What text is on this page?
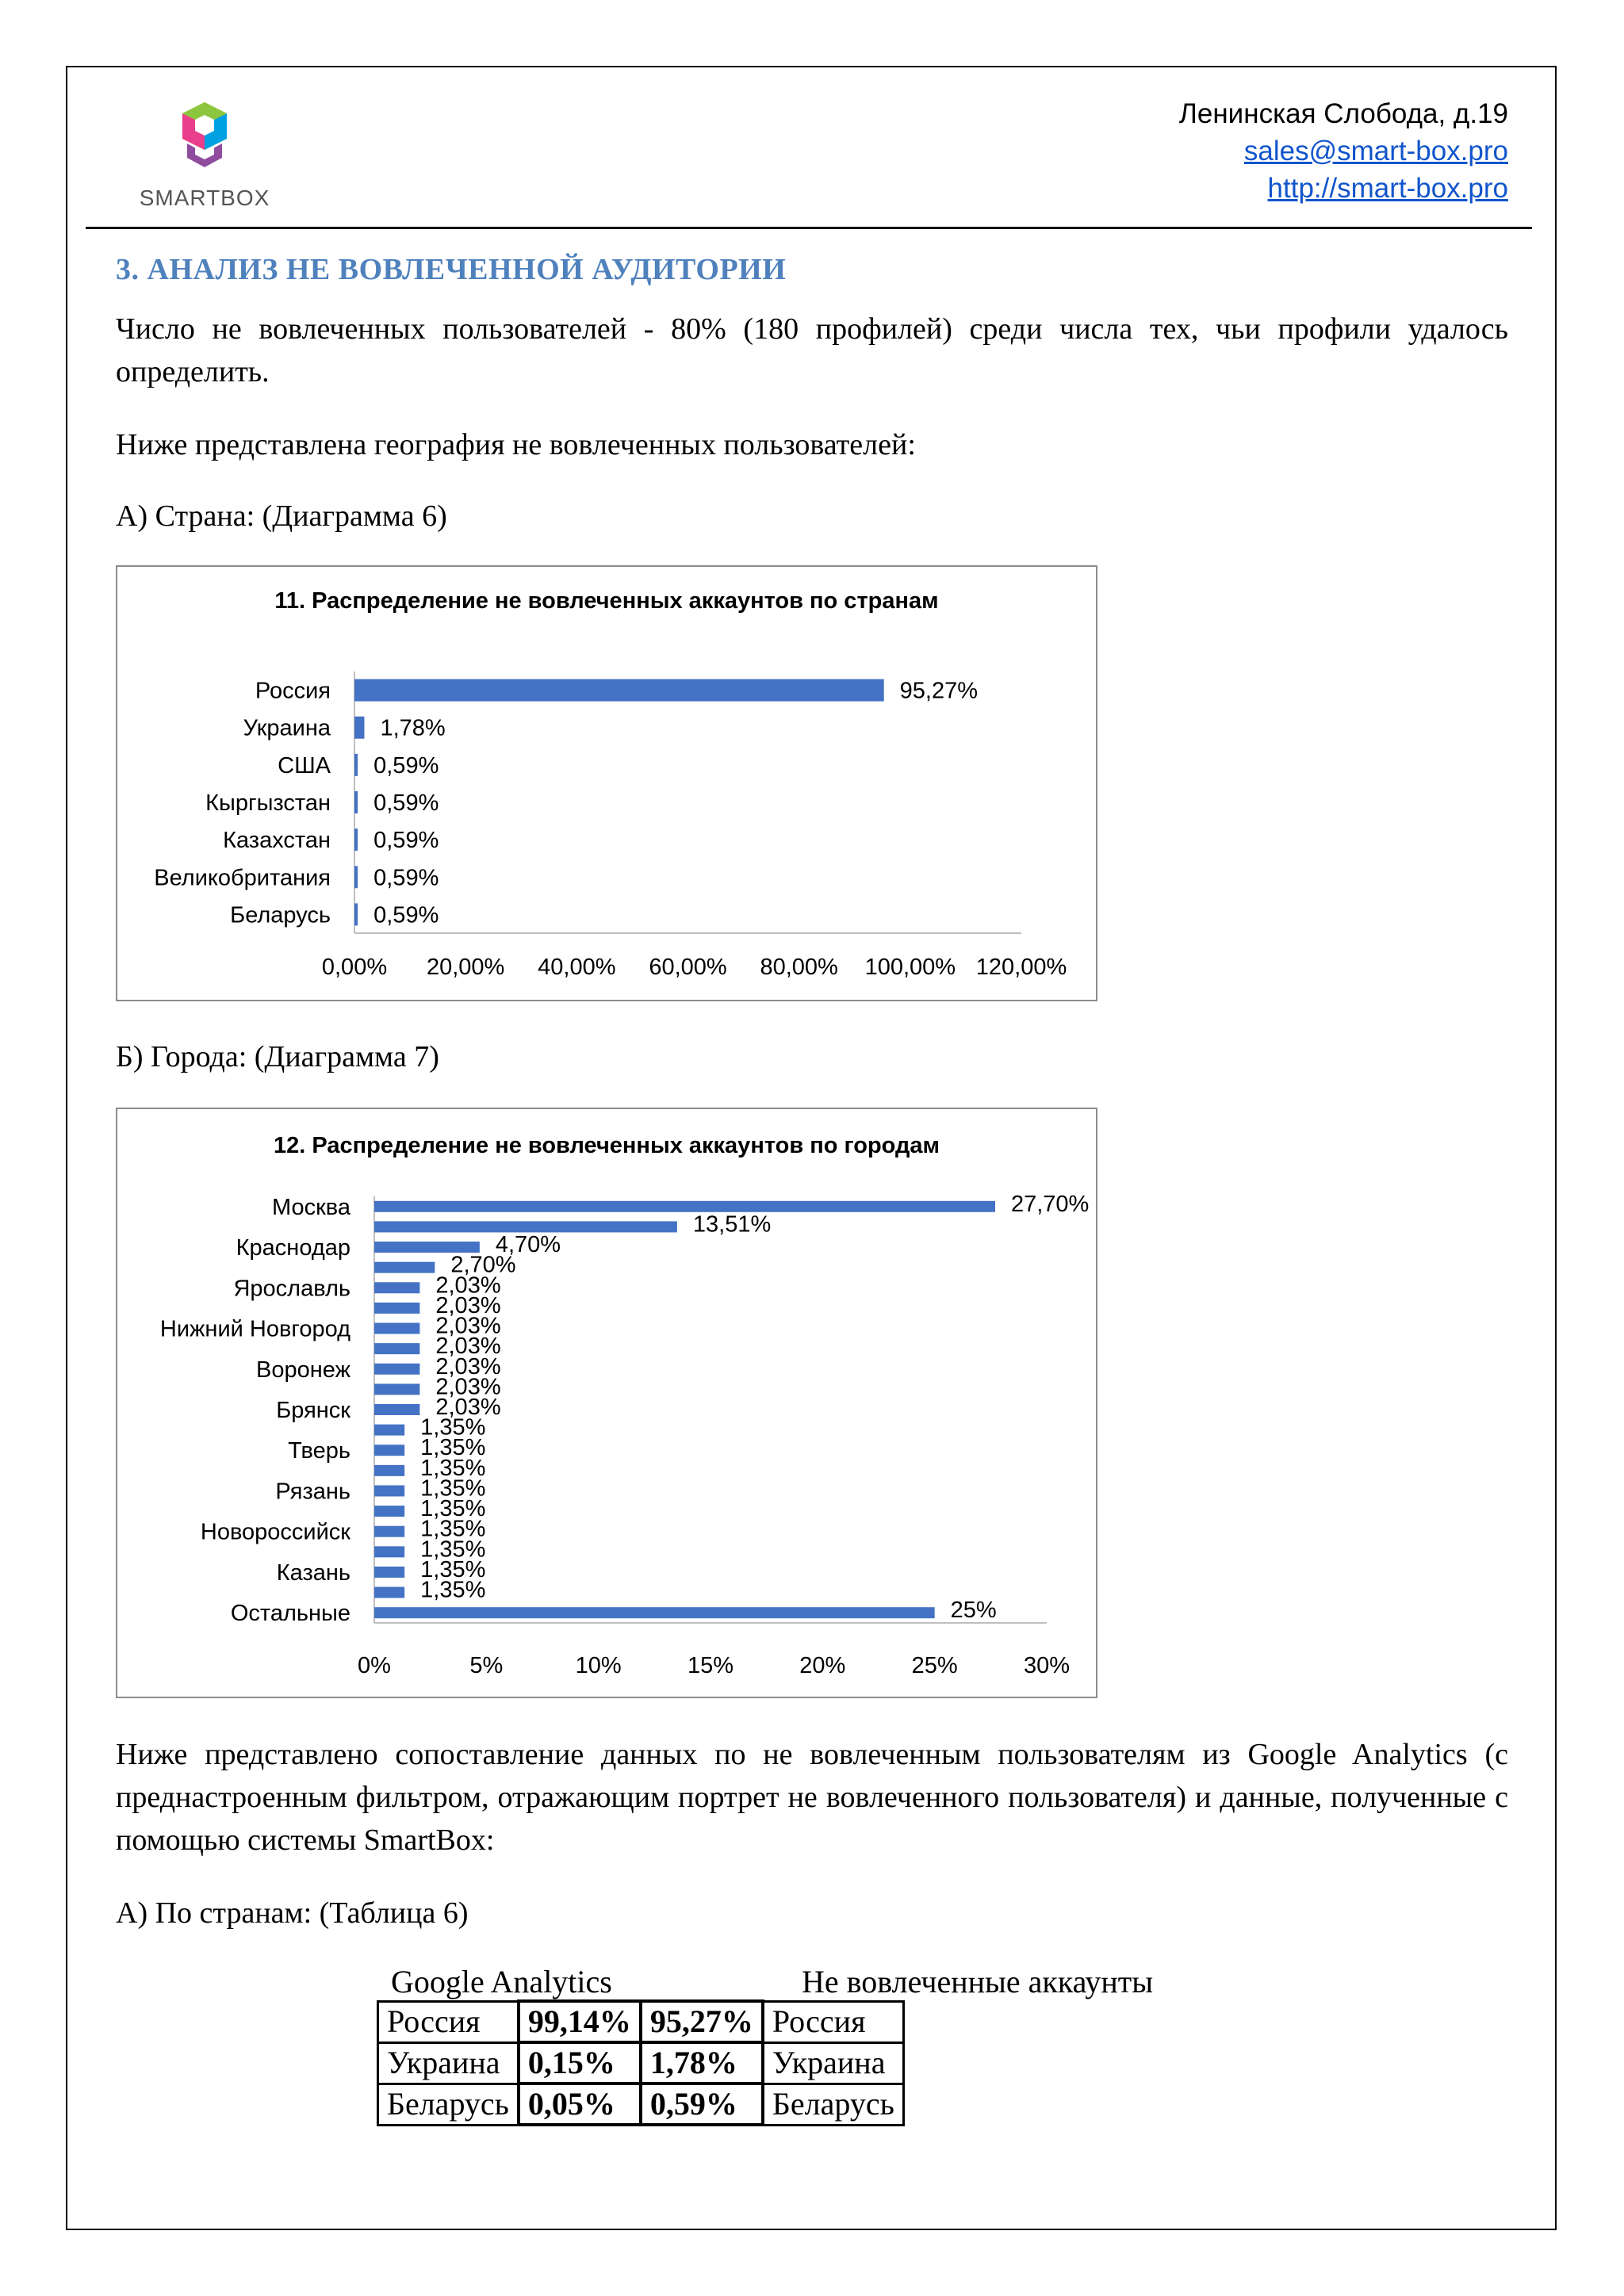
SMARTBOX
Ленинская Слобода, д.19
sales@smart-box.pro
http://smart-box.pro
3. АНАЛИЗ НЕ ВОВЛЕЧЕННОЙ АУДИТОРИИ

Число не вовлеченных пользователей - 80% (180 профилей) среди числа тех, чьи профили удалось определить.

Ниже представлена география не вовлеченных пользователей:

А) Страна: (Диаграмма 6)

11. Распределение не вовлеченных аккаунтов по странам
95,27%
Россия
1,78%
Украина
0,59%
США
0,59%
Кыргызстан
0,59%
Казахстан
0,59%
Великобритания
0,59%
Беларусь
0,00% 20,00% 40,00% 60,00% 80,00% 100,00% 120,00%

Б) Города: (Диаграмма 7)

12. Распределение не вовлеченных аккаунтов по городам
27,70%
Москва
13,51%
4,70%
Краснодар
2,70%
2,03%
Ярославль
2,03%
2,03%
Нижний Новгород
2,03%
2,03%
Воронеж
2,03%
2,03%
Брянск
1,35%
1,35%
Тверь
1,35%
1,35%
Рязань
1,35%
1,35%
Новороссийск
1,35%
1,35%
Казань
1,35%
25%
Остальные
0%	5%	10%	15%	20%	25%	30%

Ниже представлено сопоставление данных по не вовлеченным пользователям из Google Analytics (с преднастроенным фильтром, отражающим портрет не вовлеченного пользователя) и данные, полученные с помощью системы SmartBox:

А) По странам: (Таблица 6)

Google Analytics	Не вовлеченные аккаунты
Россия	99,14%	95,27%	Россия
Украина	0,15%	1,78%	Украина
Беларусь	0,05%	0,59%	Беларусь
